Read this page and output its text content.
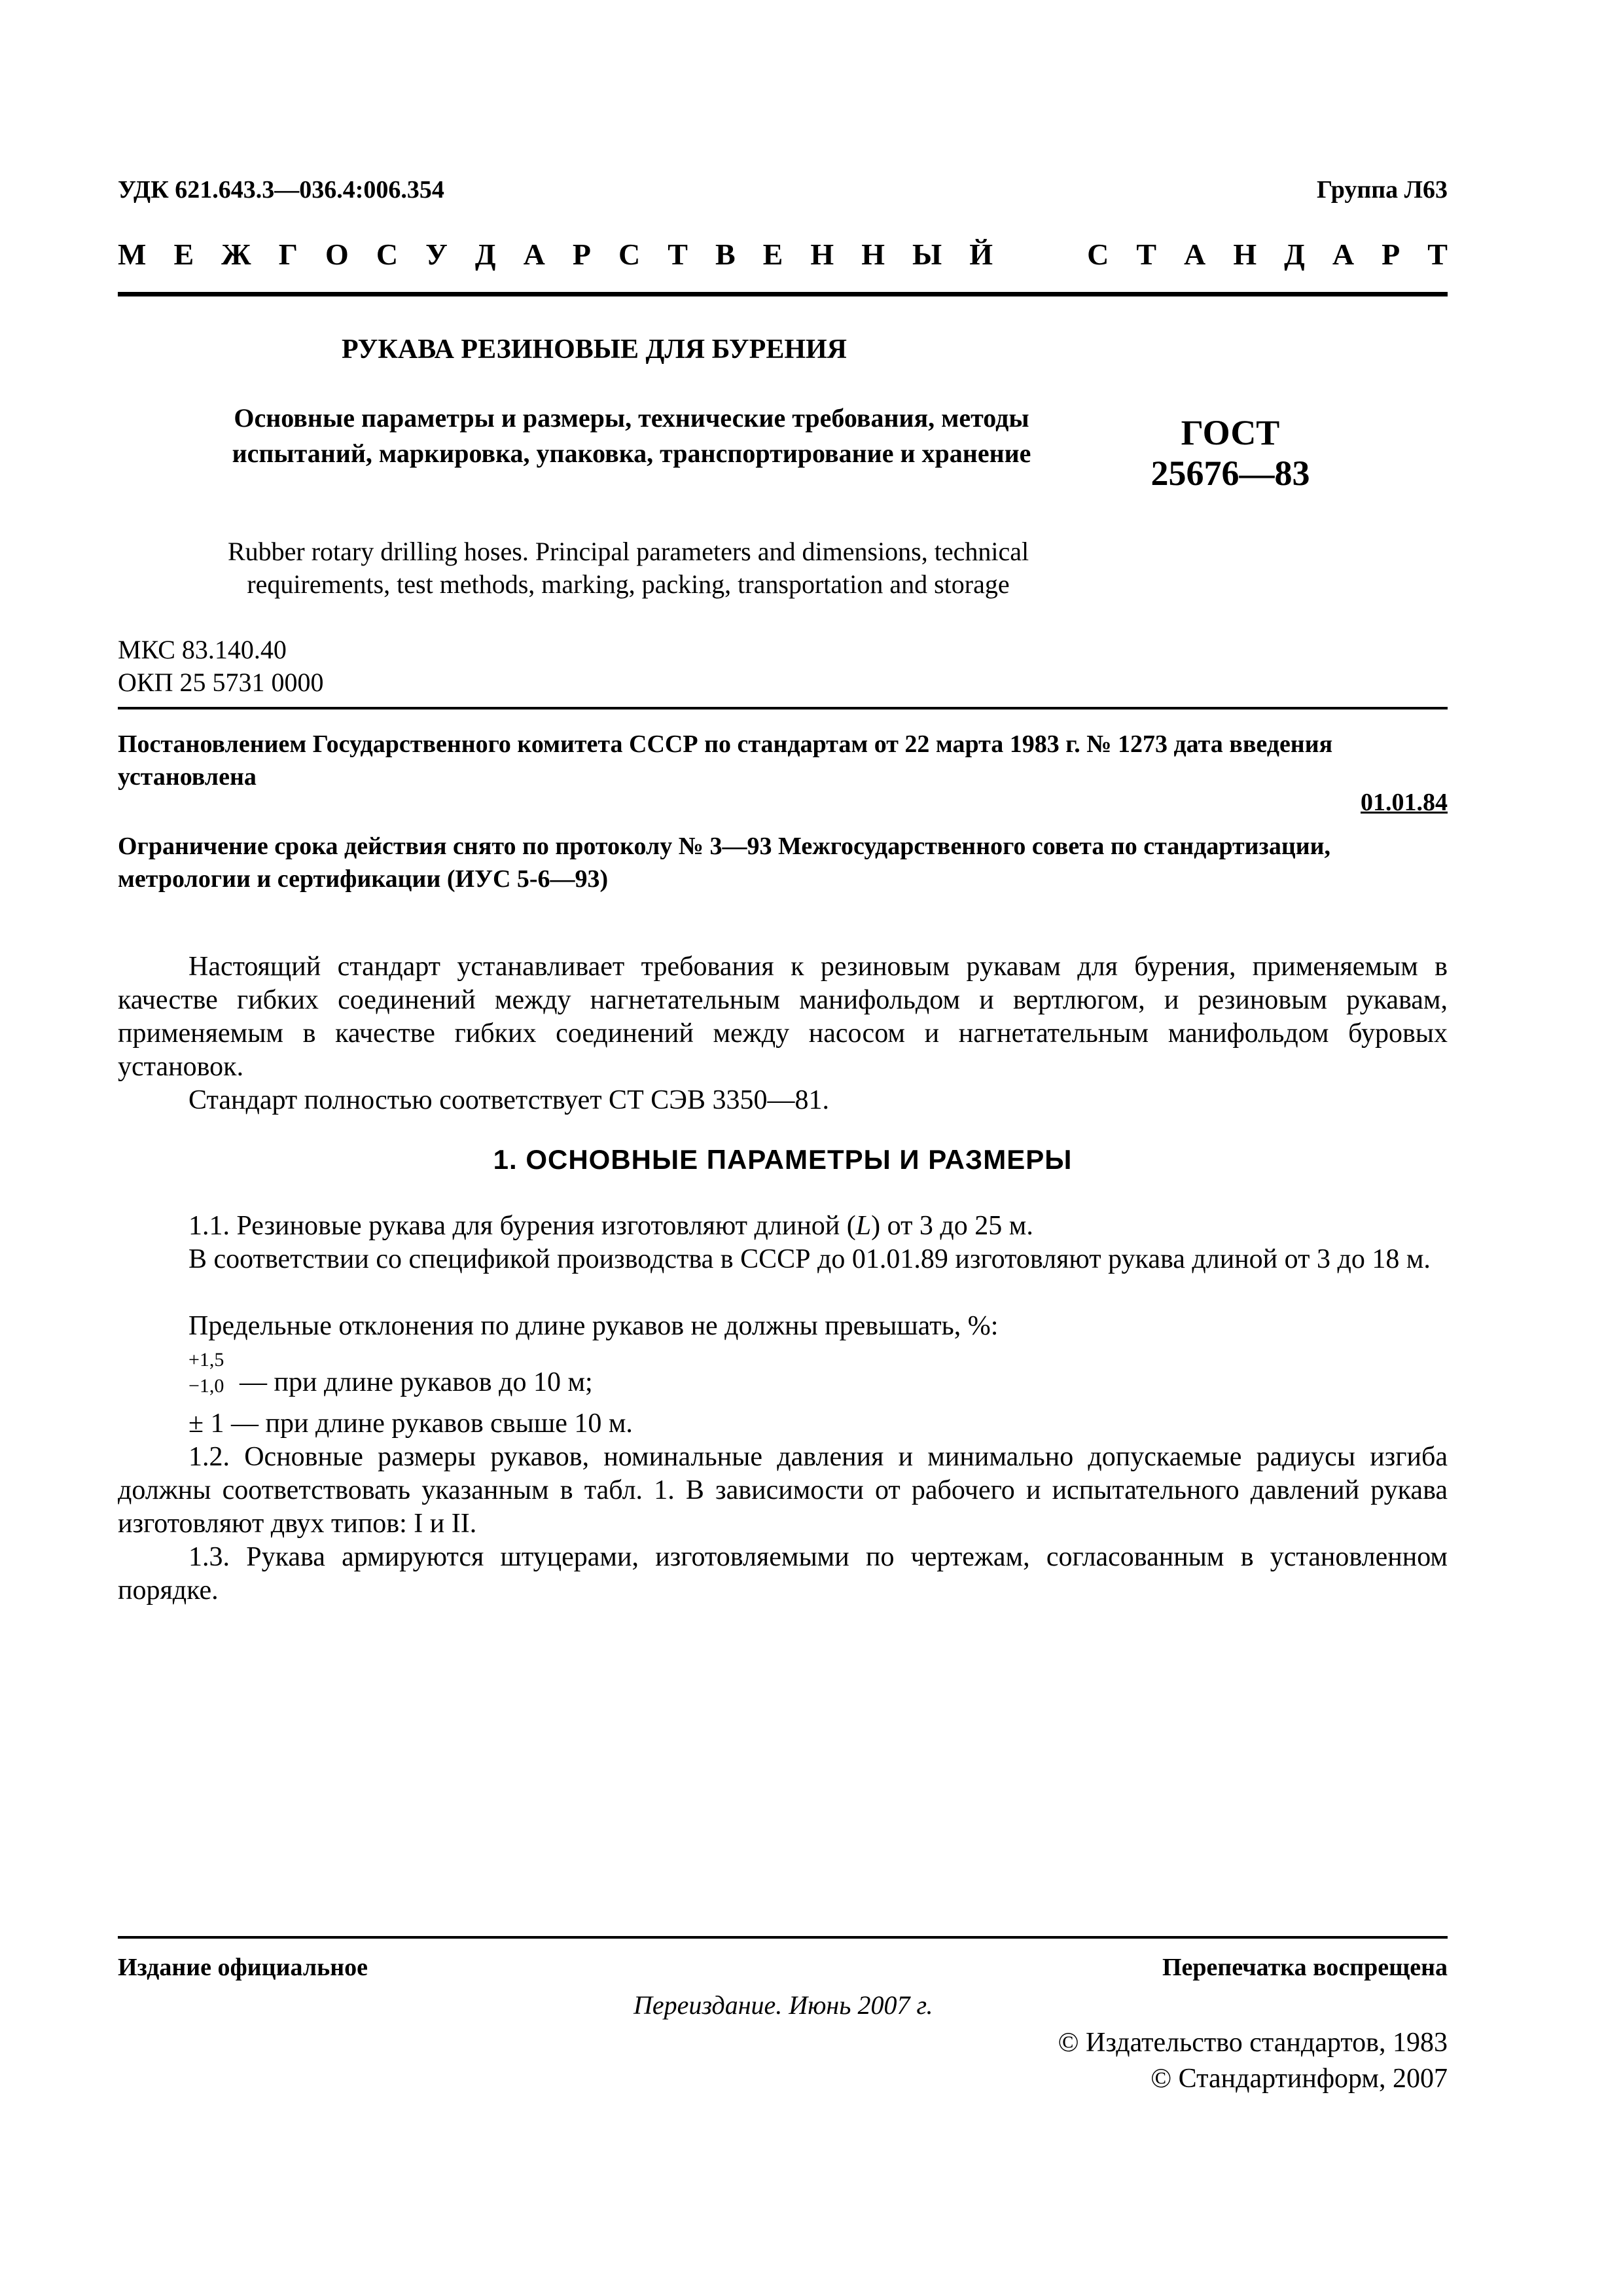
УДК 621.643.3—036.4:006.354	Группа Л63
М Е Ж Г О С У Д А Р С Т В Е Н Н Ы Й	С Т А Н Д А Р Т
РУКАВА РЕЗИНОВЫЕ ДЛЯ БУРЕНИЯ
Основные параметры и размеры, технические требования, методы испытаний, маркировка, упаковка, транспортирование и хранение
ГОСТ
25676—83
Rubber rotary drilling hoses. Principal parameters and dimensions, technical requirements, test methods, marking, packing, transportation and storage
МКС 83.140.40
ОКП 25 5731 0000
Постановлением Государственного комитета СССР по стандартам от 22 марта 1983 г. № 1273 дата введения установлена
01.01.84
Ограничение срока действия снято по протоколу № 3—93 Межгосударственного совета по стандартизации, метрологии и сертификации (ИУС 5-6—93)
Настоящий стандарт устанавливает требования к резиновым рукавам для бурения, применяемым в качестве гибких соединений между нагнетательным манифольдом и вертлюгом, и резиновым рукавам, применяемым в качестве гибких соединений между насосом и нагнетательным манифольдом буровых установок.
Стандарт полностью соответствует СТ СЭВ 3350—81.
1. ОСНОВНЫЕ ПАРАМЕТРЫ И РАЗМЕРЫ
1.1. Резиновые рукава для бурения изготовляют длиной (L) от 3 до 25 м.
В соответствии со спецификой производства в СССР до 01.01.89 изготовляют рукава длиной от 3 до 18 м.
Предельные отклонения по длине рукавов не должны превышать, %:
+1,5
−1,0 — при длине рукавов до 10 м;
± 1 — при длине рукавов свыше 10 м.
1.2. Основные размеры рукавов, номинальные давления и минимально допускаемые радиусы изгиба должны соответствовать указанным в табл. 1. В зависимости от рабочего и испытательного давлений рукава изготовляют двух типов: I и II.
1.3. Рукава армируются штуцерами, изготовляемыми по чертежам, согласованным в установленном порядке.
Издание официальное	Перепечатка воспрещена
Переиздание. Июнь 2007 г.
© Издательство стандартов, 1983
© Стандартинформ, 2007
